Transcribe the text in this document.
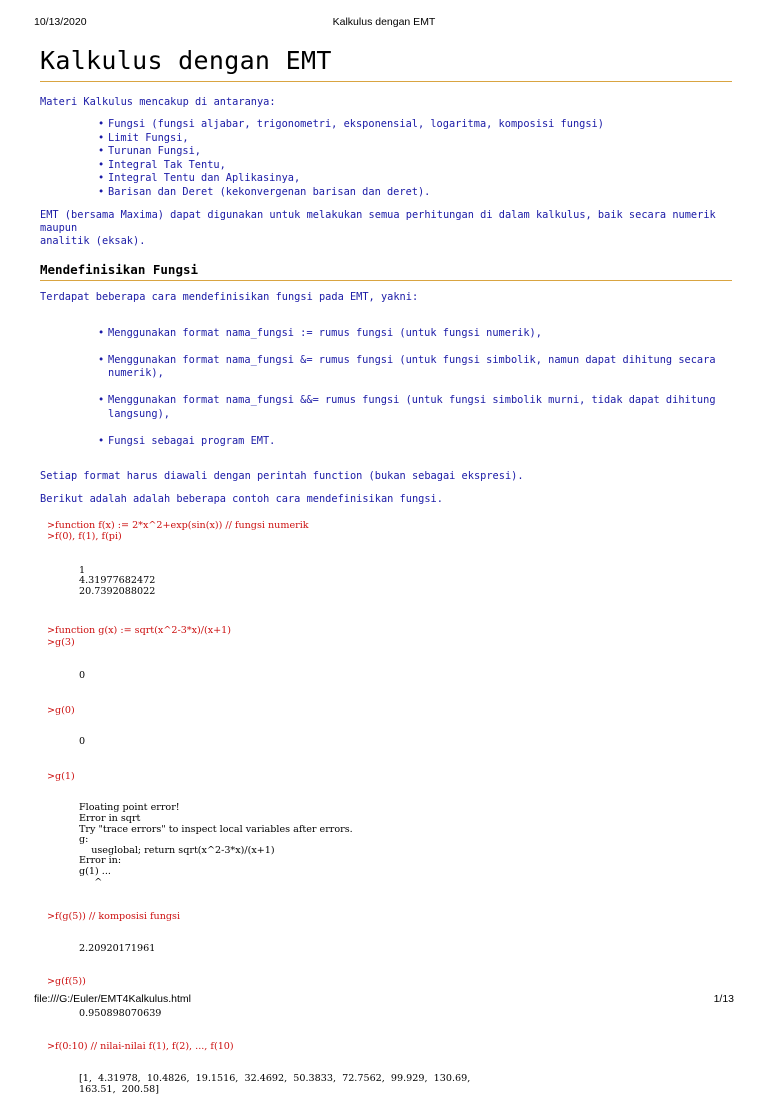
10/13/2020	Kalkulus dengan EMT
Kalkulus dengan EMT

Materi Kalkulus mencakup di antaranya:

• Fungsi (fungsi aljabar, trigonometri, eksponensial, logaritma, komposisi fungsi)
• Limit Fungsi,
• Turunan Fungsi,
• Integral Tak Tentu,
• Integral Tentu dan Aplikasinya,
• Barisan dan Deret (kekonvergenan barisan dan deret).

EMT (bersama Maxima) dapat digunakan untuk melakukan semua perhitungan di dalam kalkulus, baik secara numerik maupun
analitik (eksak).

Mendefinisikan Fungsi

Terdapat beberapa cara mendefinisikan fungsi pada EMT, yakni:

• Menggunakan format nama_fungsi := rumus fungsi (untuk fungsi numerik),

• Menggunakan format nama_fungsi &= rumus fungsi (untuk fungsi simbolik, namun dapat dihitung secara
numerik),

• Menggunakan format nama_fungsi &&= rumus fungsi (untuk fungsi simbolik murni, tidak dapat dihitung
langsung),

• Fungsi sebagai program EMT.

Setiap format harus diawali dengan perintah function (bukan sebagai ekspresi).

Berikut adalah adalah beberapa contoh cara mendefinisikan fungsi.

>function f(x) := 2*x^2+exp(sin(x)) // fungsi numerik
>f(0), f(1), f(pi)
1
4.31977682472
20.7392088022
>function g(x) := sqrt(x^2-3*x)/(x+1)
>g(3)
0
>g(0)
0
>g(1)
Floating point error!
Error in sqrt
Try "trace errors" to inspect local variables after errors.
g:
useglobal; return sqrt(x^2-3*x)/(x+1)
Error in:
g(1) ...
^
>f(g(5)) // komposisi fungsi
2.20920171961
>g(f(5))
0.950898070639
>f(0:10) // nilai-nilai f(1), f(2), ..., f(10)
[1,  4.31978,  10.4826,  19.1516,  32.4692,  50.3833,  72.7562,  99.929,  130.69,
163.51,  200.58]
file:///G:/Euler/EMT4Kalkulus.html	1/13
